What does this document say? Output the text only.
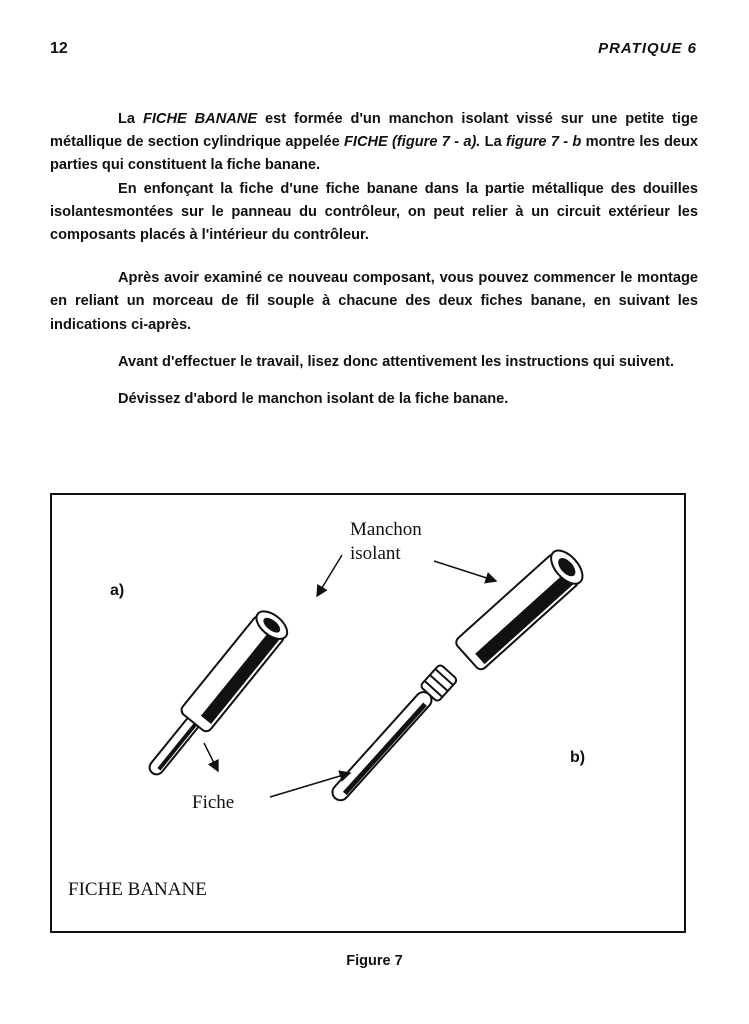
12	PRATIQUE 6

La FICHE BANANE est formée d'un manchon isolant vissé sur une petite tige métallique de section cylindrique appelée FICHE (figure 7 - a). La figure 7 - b montre les deux parties qui constituent la fiche banane.

En enfonçant la fiche d'une fiche banane dans la partie métallique des douilles isolantesmontées sur le panneau du contrôleur, on peut relier à un circuit extérieur les composants placés à l'intérieur du contrôleur.

Après avoir examiné ce nouveau composant, vous pouvez commencer le montage en reliant un morceau de fil souple à chacune des deux fiches banane, en suivant les indications ci-après.

Avant d'effectuer le travail, lisez donc attentivement les instructions qui suivent.

Dévissez d'abord le manchon isolant de la fiche banane.

a)
b)
Manchon
isolant
Fiche
FICHE BANANE
Figure 7
